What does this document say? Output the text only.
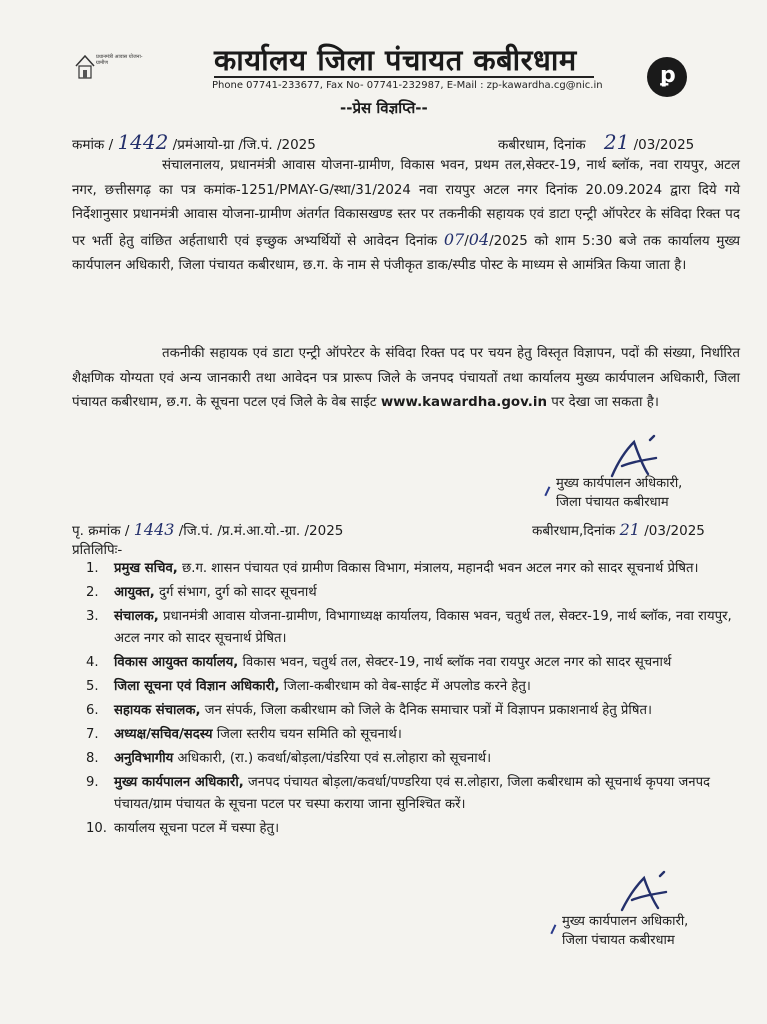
प्रधानमंत्री आवास योजना-ग्रामीण	कार्यालय जिला पंचायत कबीरधाम
Phone 07741-233677, Fax No- 07741-232987, E-Mail : zp-kawardha.cg@nic.in	ꝑ
--प्रेस विज्ञप्ति--
कमांक / 1442 /प्रमंआयो-ग्रा /जि.पं. /2025	कबीरधाम, दिनांक 21 /03/2025
संचालनालय, प्रधानमंत्री आवास योजना-ग्रामीण, विकास भवन, प्रथम तल,सेक्टर-19, नार्थ ब्लॉक, नवा रायपुर, अटल नगर, छत्तीसगढ़ का पत्र कमांक-1251/PMAY-G/स्था/31/2024 नवा रायपुर अटल नगर दिनांक 20.09.2024 द्वारा दिये गये निर्देशानुसार प्रधानमंत्री आवास योजना-ग्रामीण अंतर्गत विकासखण्ड स्तर पर तकनीकी सहायक एवं डाटा एन्ट्री ऑपरेटर के संविदा रिक्त पद पर भर्ती हेतु वांछित अर्हताधारी एवं इच्छुक अभ्यर्थियों से आवेदन दिनांक 07/04/2025 को शाम 5:30 बजे तक कार्यालय मुख्य कार्यपालन अधिकारी, जिला पंचायत कबीरधाम, छ.ग. के नाम से पंजीकृत डाक/स्पीड पोस्ट के माध्यम से आमंत्रित किया जाता है।
तकनीकी सहायक एवं डाटा एन्ट्री ऑपरेटर के संविदा रिक्त पद पर चयन हेतु विस्तृत विज्ञापन, पदों की संख्या, निर्धारित शैक्षणिक योग्यता एवं अन्य जानकारी तथा आवेदन पत्र प्रारूप जिले के जनपद पंचायतों तथा कार्यालय मुख्य कार्यपालन अधिकारी, जिला पंचायत कबीरधाम, छ.ग. के सूचना पटल एवं जिले के वेब साईट www.kawardha.gov.in पर देखा जा सकता है।
मुख्य कार्यपालन अधिकारी,
जिला पंचायत कबीरधाम
पृ. क्रमांक / 1443 /जि.पं. /प्र.मं.आ.यो.-ग्रा. /2025	कबीरधाम,दिनांक 21 /03/2025
प्रतिलिपिः-
1.	प्रमुख सचिव, छ.ग. शासन पंचायत एवं ग्रामीण विकास विभाग, मंत्रालय, महानदी भवन अटल नगर को सादर सूचनार्थ प्रेषित।
2.	आयुक्त, दुर्ग संभाग, दुर्ग को सादर सूचनार्थ
3.	संचालक, प्रधानमंत्री आवास योजना-ग्रामीण, विभागाध्यक्ष कार्यालय, विकास भवन, चतुर्थ तल, सेक्टर-19, नार्थ ब्लॉक, नवा रायपुर, अटल नगर को सादर सूचनार्थ प्रेषित।
4.	विकास आयुक्त कार्यालय, विकास भवन, चतुर्थ तल, सेक्टर-19, नार्थ ब्लॉक नवा रायपुर अटल नगर को सादर सूचनार्थ
5.	जिला सूचना एवं विज्ञान अधिकारी, जिला-कबीरधाम को वेब-साईट में अपलोड करने हेतु।
6.	सहायक संचालक, जन संपर्क, जिला कबीरधाम को जिले के दैनिक समाचार पत्रों में विज्ञापन प्रकाशनार्थ हेतु प्रेषित।
7.	अध्यक्ष/सचिव/सदस्य जिला स्तरीय चयन समिति को सूचनार्थ।
8.	अनुविभागीय अधिकारी, (रा.) कवर्धा/बोड़ला/पंडरिया एवं स.लोहारा को सूचनार्थ।
9.	मुख्य कार्यपालन अधिकारी, जनपद पंचायत बोड़ला/कवर्धा/पण्डरिया एवं स.लोहारा, जिला कबीरधाम को सूचनार्थ कृपया जनपद पंचायत/ग्राम पंचायत के सूचना पटल पर चस्पा कराया जाना सुनिश्चित करें।
10. कार्यालय सूचना पटल में चस्पा हेतु।
मुख्य कार्यपालन अधिकारी,
जिला पंचायत कबीरधाम
